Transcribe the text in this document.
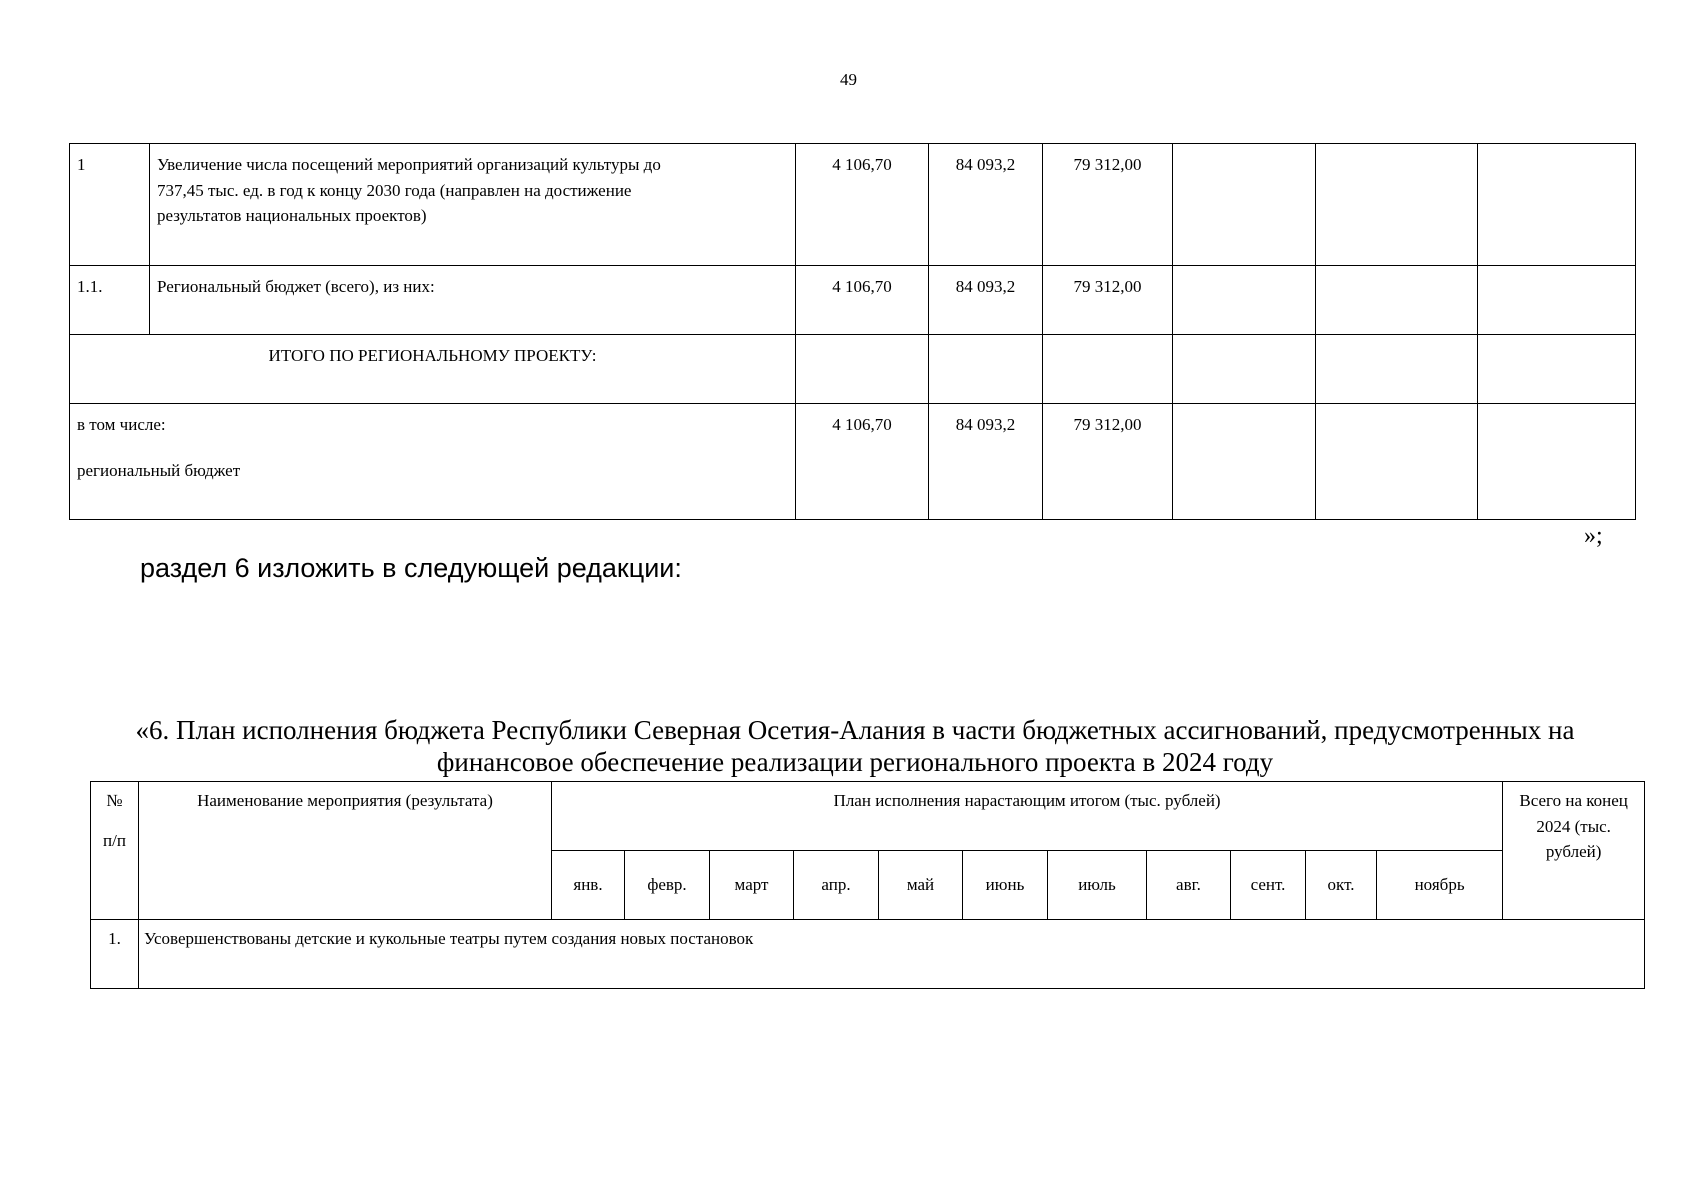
49
1	Увеличение числа посещений мероприятий организаций культуры до
737,45 тыс. ед. в год к концу 2030 года (направлен на достижение
результатов национальных проектов)	4 106,70	84 093,2	79 312,00			
1.1.	Региональный бюджет (всего), из них:	4 106,70	84 093,2	79 312,00			
ИТОГО ПО РЕГИОНАЛЬНОМУ ПРОЕКТУ:							

в том числе:
региональный бюджет		4 106,70	84 093,2	79 312,00			
»;
раздел 6 изложить в следующей редакции:
«6. План исполнения бюджета Республики Северная Осетия-Алания в части бюджетных ассигнований, предусмотренных на
финансовое обеспечение реализации регионального проекта в 2024 году
№
п/п	Наименование мероприятия (результата)	План исполнения нарастающим итогом (тыс. рублей)											Всего на конец
2024 (тыс.
рублей)

		янв.	февр.	март	апр.	май	июнь	июль	авг.	сент.	окт.	ноябрь	
1.	Усовершенствованы детские и кукольные театры путем создания новых постановок												
